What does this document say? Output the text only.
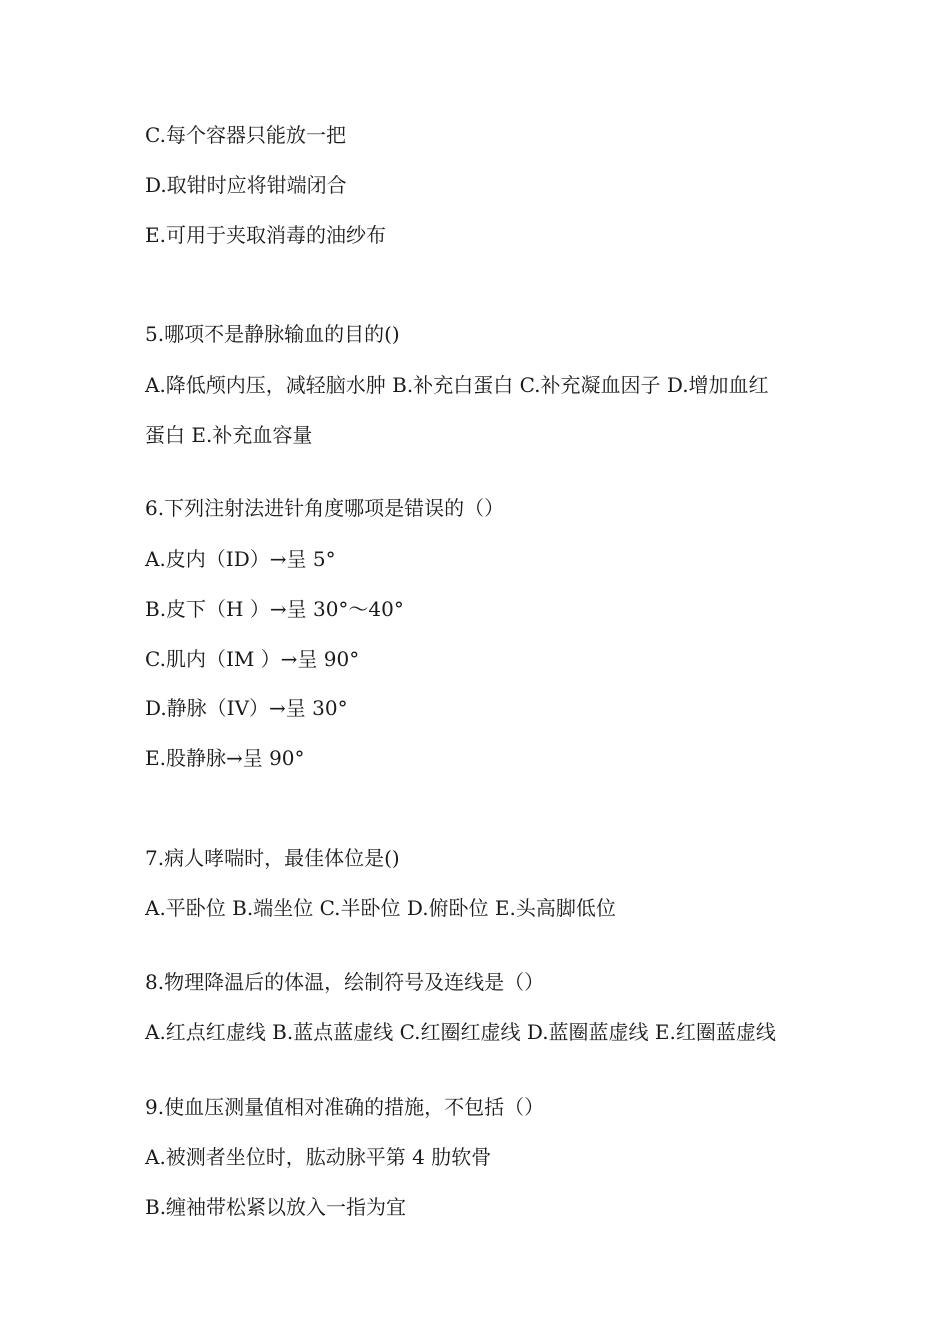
C.每个容器只能放一把
D.取钳时应将钳端闭合
E.可用于夹取消毒的油纱布
5.哪项不是静脉输血的目的()
A.降低颅内压，减轻脑水肿 B.补充白蛋白 C.补充凝血因子 D.增加血红
蛋白 E.补充血容量
6.下列注射法进针角度哪项是错误的（）
A.皮内（ID）→呈 5°
B.皮下（H ）→呈 30°～40°
C.肌内（IM ）→呈 90°
D.静脉（IV）→呈 30°
E.股静脉→呈 90°
7.病人哮喘时，最佳体位是()
A.平卧位 B.端坐位 C.半卧位 D.俯卧位 E.头高脚低位
8.物理降温后的体温，绘制符号及连线是（）
A.红点红虚线 B.蓝点蓝虚线 C.红圈红虚线 D.蓝圈蓝虚线 E.红圈蓝虚线
9.使血压测量值相对准确的措施，不包括（）
A.被测者坐位时，肱动脉平第 4 肋软骨
B.缠袖带松紧以放入一指为宜
